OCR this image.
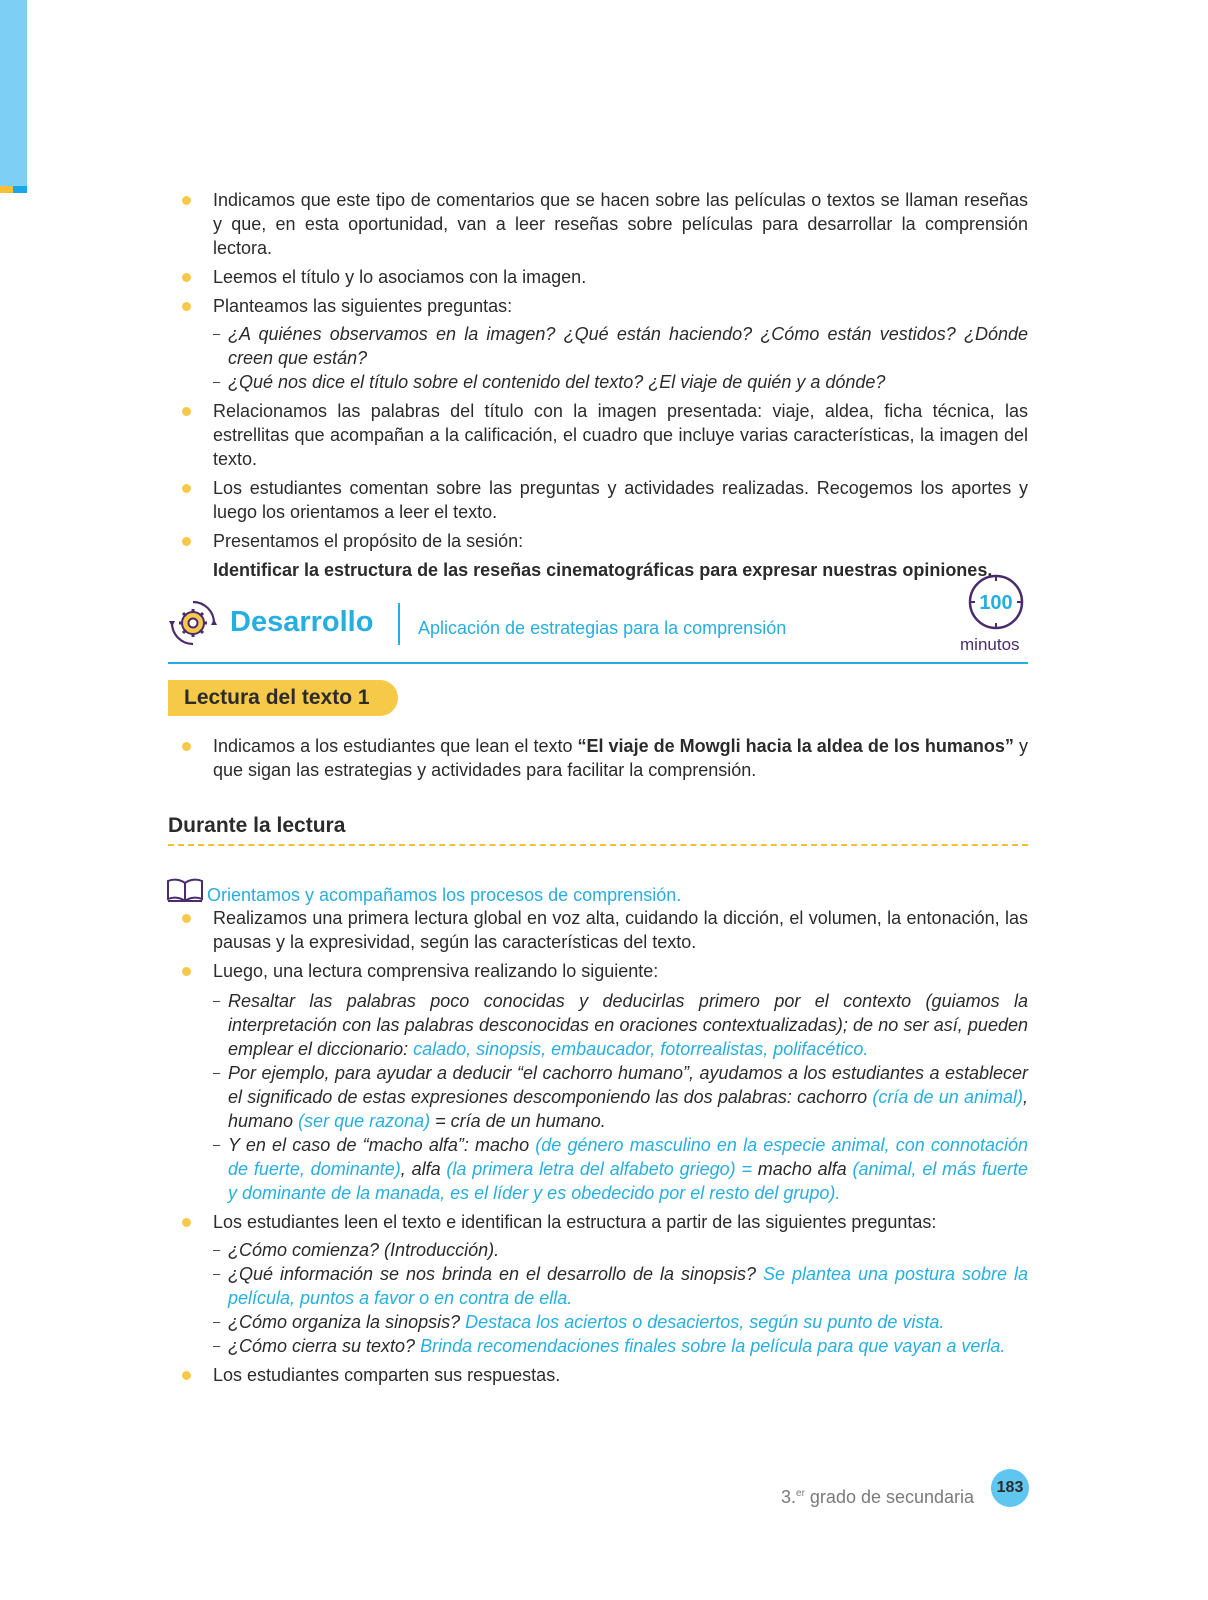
Indicamos que este tipo de comentarios que se hacen sobre las películas o textos se llaman reseñas y que, en esta oportunidad, van a leer reseñas sobre películas para desarrollar la comprensión lectora.
Leemos el título y lo asociamos con la imagen.
Planteamos las siguientes preguntas:
– ¿A quiénes observamos en la imagen? ¿Qué están haciendo? ¿Cómo están vestidos? ¿Dónde creen que están?
– ¿Qué nos dice el título sobre el contenido del texto? ¿El viaje de quién y a dónde?
Relacionamos las palabras del título con la imagen presentada: viaje, aldea, ficha técnica, las estrellitas que acompañan a la calificación, el cuadro que incluye varias características, la imagen del texto.
Los estudiantes comentan sobre las preguntas y actividades realizadas. Recogemos los aportes y luego los orientamos a leer el texto.
Presentamos el propósito de la sesión:
Identificar la estructura de las reseñas cinematográficas para expresar nuestras opiniones.
Desarrollo Aplicación de estrategias para la comprensión
100
minutos
Lectura del texto 1
Indicamos a los estudiantes que lean el texto “El viaje de Mowgli hacia la aldea de los humanos” y que sigan las estrategias y actividades para facilitar la comprensión.
Durante la lectura
Orientamos y acompañamos los procesos de comprensión.
Realizamos una primera lectura global en voz alta, cuidando la dicción, el volumen, la entonación, las pausas y la expresividad, según las características del texto.
Luego, una lectura comprensiva realizando lo siguiente:
– Resaltar las palabras poco conocidas y deducirlas primero por el contexto (guiamos la interpretación con las palabras desconocidas en oraciones contextualizadas); de no ser así, pueden emplear el diccionario: calado, sinopsis, embaucador, fotorrealistas, polifacético.
– Por ejemplo, para ayudar a deducir “el cachorro humano”, ayudamos a los estudiantes a establecer el significado de estas expresiones descomponiendo las dos palabras: cachorro (cría de un animal), humano (ser que razona) = cría de un humano.
– Y en el caso de “macho alfa”: macho (de género masculino en la especie animal, con connotación de fuerte, dominante), alfa (la primera letra del alfabeto griego) = macho alfa (animal, el más fuerte y dominante de la manada, es el líder y es obedecido por el resto del grupo).
Los estudiantes leen el texto e identifican la estructura a partir de las siguientes preguntas:
– ¿Cómo comienza? (Introducción).
– ¿Qué información se nos brinda en el desarrollo de la sinopsis? Se plantea una postura sobre la película, puntos a favor o en contra de ella.
– ¿Cómo organiza la sinopsis? Destaca los aciertos o desaciertos, según su punto de vista.
– ¿Cómo cierra su texto? Brinda recomendaciones finales sobre la película para que vayan a verla.
Los estudiantes comparten sus respuestas.
3.$^{er}$ grado de secundaria	183
